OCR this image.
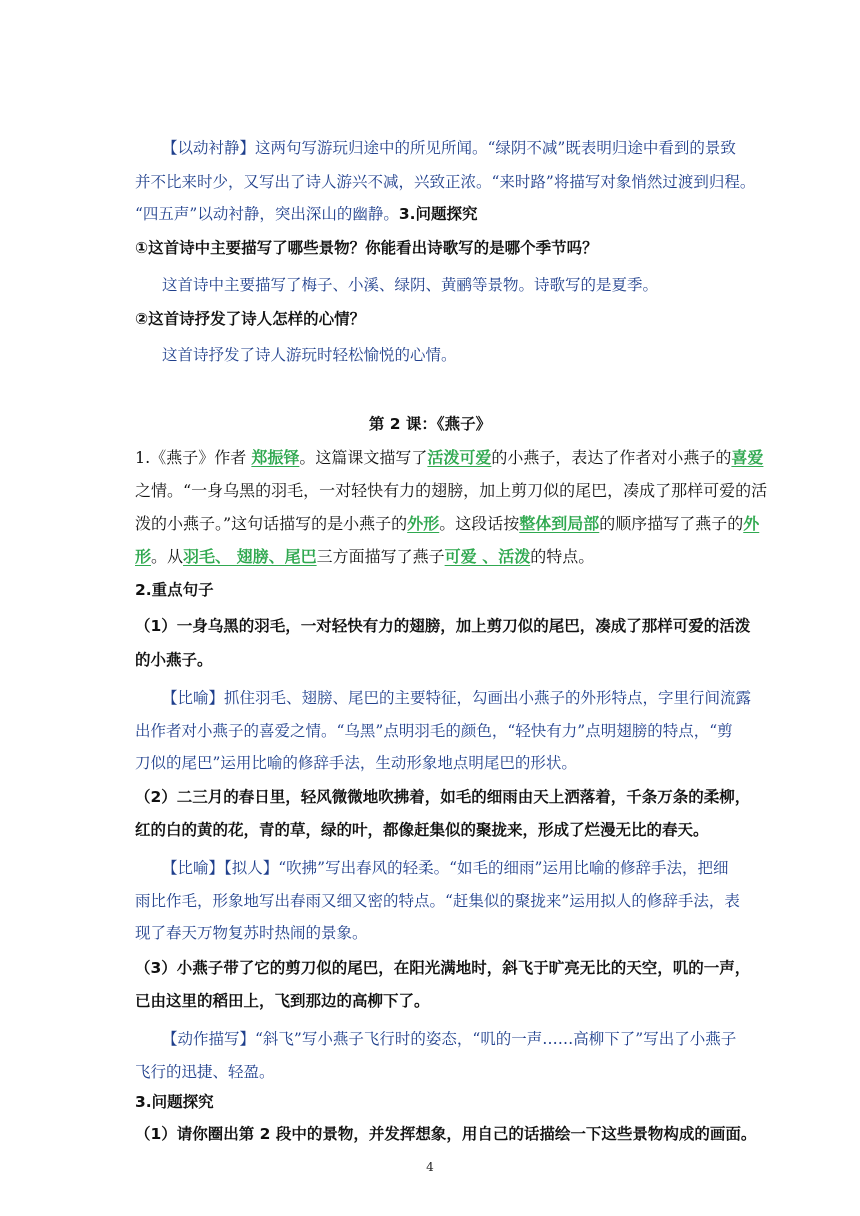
【以动衬静】这两句写游玩归途中的所见所闻。“绿阴不减”既表明归途中看到的景致
并不比来时少，又写出了诗人游兴不减，兴致正浓。“来时路”将描写对象悄然过渡到归程。
“四五声”以动衬静，突出深山的幽静。3.问题探究
①这首诗中主要描写了哪些景物？你能看出诗歌写的是哪个季节吗？
这首诗中主要描写了梅子、小溪、绿阴、黄鹂等景物。诗歌写的是夏季。
②这首诗抒发了诗人怎样的心情？
这首诗抒发了诗人游玩时轻松愉悦的心情。
第 2 课：《燕子》
1.《燕子》作者 郑振铎。这篇课文描写了活泼可爱的小燕子，表达了作者对小燕子的喜爱
之情。“一身乌黑的羽毛，一对轻快有力的翅膀，加上剪刀似的尾巴，凑成了那样可爱的活
泼的小燕子。”这句话描写的是小燕子的外形。这段话按整体到局部的顺序描写了燕子的外
形。从羽毛、 翅膀、尾巴三方面描写了燕子可爱 、活泼的特点。
2.重点句子
（1）一身乌黑的羽毛，一对轻快有力的翅膀，加上剪刀似的尾巴，凑成了那样可爱的活泼
的小燕子。
【比喻】抓住羽毛、翅膀、尾巴的主要特征，勾画出小燕子的外形特点，字里行间流露
出作者对小燕子的喜爱之情。“乌黑”点明羽毛的颜色，“轻快有力”点明翅膀的特点，“剪
刀似的尾巴”运用比喻的修辞手法，生动形象地点明尾巴的形状。
（2）二三月的春日里，轻风微微地吹拂着，如毛的细雨由天上洒落着，千条万条的柔柳，
红的白的黄的花，青的草，绿的叶，都像赶集似的聚拢来，形成了烂漫无比的春天。
【比喻】【拟人】“吹拂”写出春风的轻柔。“如毛的细雨”运用比喻的修辞手法，把细
雨比作毛，形象地写出春雨又细又密的特点。“赶集似的聚拢来”运用拟人的修辞手法，表
现了春天万物复苏时热闹的景象。
（3）小燕子带了它的剪刀似的尾巴，在阳光满地时，斜飞于旷亮无比的天空，叽的一声，
已由这里的稻田上，飞到那边的高柳下了。
【动作描写】“斜飞”写小燕子飞行时的姿态，“叽的一声……高柳下了”写出了小燕子
飞行的迅捷、轻盈。
3.问题探究
（1）请你圈出第 2 段中的景物，并发挥想象，用自己的话描绘一下这些景物构成的画面。
4
